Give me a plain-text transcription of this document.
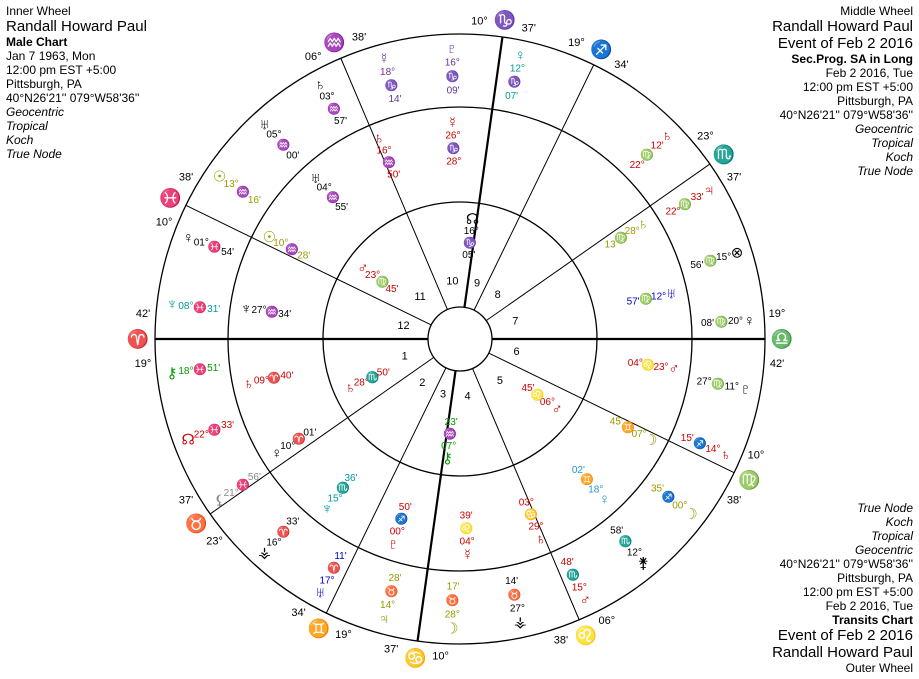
Inner Wheel
Randall Howard Paul
Male Chart
Jan 7 1963, Mon
12:00 pm EST +5:00
Pittsburgh, PA
40°N26'21'' 079°W58'36''
Geocentric
Tropical
Koch
True Node
Middle Wheel
Randall Howard Paul
Event of Feb 2 2016
Sec.Prog. SA in Long
Feb 2 2016, Tue
12:00 pm EST +5:00
Pittsburgh, PA
40°N26'21'' 079°W58'36''
Geocentric
Tropical
Koch
True Node
True Node
Koch
Tropical
Geocentric
40°N26'21'' 079°W58'36''
Pittsburgh, PA
12:00 pm EST +5:00
Feb 2 2016, Tue
Transits Chart
Event of Feb 2 2016
Randall Howard Paul
Outer Wheel
♈
19°
42'
♉
23°
37'
♊ 19°
34'
♋ 10°
37'
♌
06°
38'
♍
10°
38'
♎
19°
42'
♏
23°
37'
♐
19°
34'
♑
10°
37'
♒
06°
38'
♓
10°
38'
1
2
3 4
5
6
7
8
9
10
11
12
♀
12°
♑
07'
♇
16°
♑
09'
☿
18°
♑
14'
♄
03°
♒
57'
♅
05°
♒
00'
☉
13°
♒
16'
♀ 01°
♓ 54'
♆ 08° ♓ 31'
⚷ 18° ♓ 51'
☊
22°
♓ 33'
⚸
21°
♓
56'
⚶
16°
♈
33'
♅
17°
♈
11'
♃
14°
♉
28'
☽
28°
♉
17'
⚶
27°
♉
14'
♂
15°
♏
48'	⚵
12°
♏
58'
☽
00°
♐
35'
♄
14°
♐
15'
♇
11°
♍
27°
♀
20°
♍
08'
⊗
15°
♍
56'
♃
33'
♍
22°
♄
12'
♍
22°
☿
26°
♑
28°
♄
16°
♒
50'
♅
04°
♒
55'
☉
10°
♒
28'
♆ 27°
♒ 34'
♄ 09°
♈ 40'
♀
10°
♈
01'
♆
15°
♏
36'
♇
00°
♐
50'
☿
04°
♌
39'
♄
29°
♋
03°	♀
18°
♊
02'
☽
07°
♊
45'
♂
23°
♌
04°
♅
12°
♍
57'
♄
28°
♍
13
☊
16°
♑
05'
♂
23°
♍
45'
♄
28°
♏
50'
⚷
07°
♒
23'
♂
06°
♌
45'
